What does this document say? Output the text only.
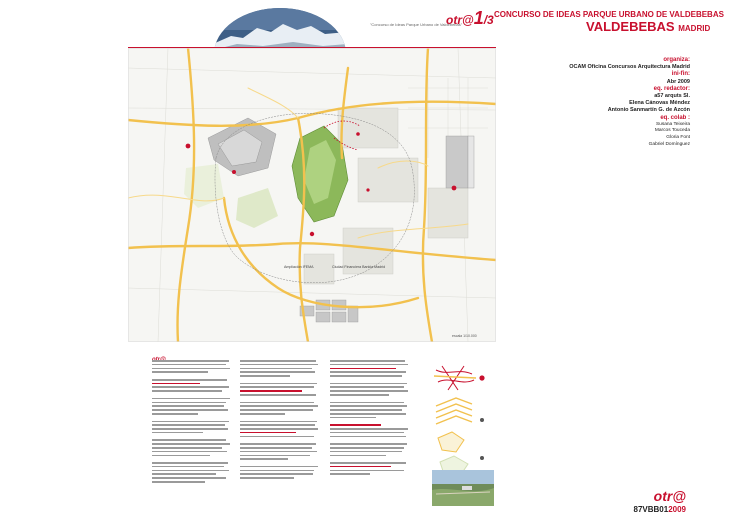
otr@1/3
"Concurso de Ideas Parque Urbano de Valdebebas"
CONCURSO DE IDEAS PARQUE URBANO DE VALDEBEBAS
VALDEBEBAS MADRID
organiza:
OCAM Oficina Concursos Arquitectura Madrid
ini-fin:
Abr 2009
eq. redactor:
a57 arquts Sl.
Elena Cánovas Méndez
Antonio Sanmartín G. de Azcón
eq. colab :
Susana Teixeira
Marcos Touceda
Gloria Font
Gabriel Domínguez
Ampliación IFEMA	Ciudad Financiera Bankia Madrid
escala 1/10.000
otr@
87VBB012009
